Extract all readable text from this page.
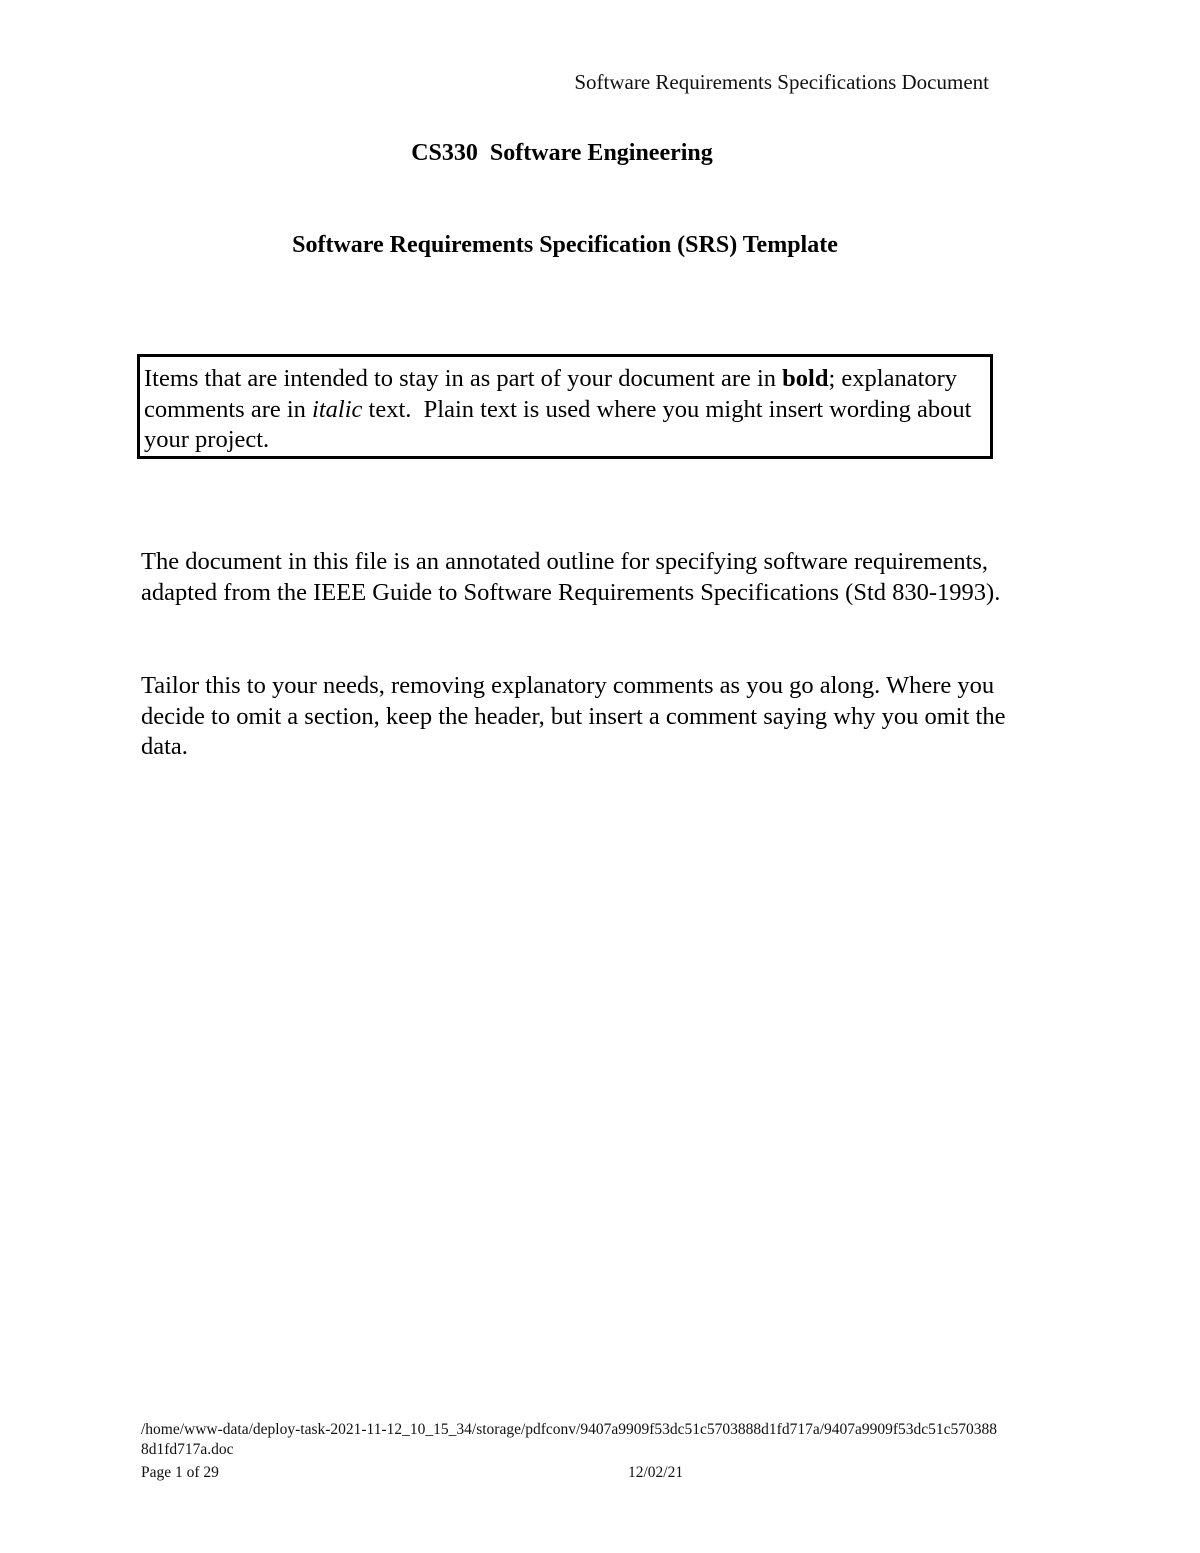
Software Requirements Specifications Document
CS330  Software Engineering
Software Requirements Specification (SRS) Template
Items that are intended to stay in as part of your document are in bold; explanatory comments are in italic text.  Plain text is used where you might insert wording about your project.

The document in this file is an annotated outline for specifying software requirements, adapted from the IEEE Guide to Software Requirements Specifications (Std 830-1993).

Tailor this to your needs, removing explanatory comments as you go along. Where you decide to omit a section, keep the header, but insert a comment saying why you omit the data.

/home/www-data/deploy-task-2021-11-12_10_15_34/storage/pdfconv/9407a9909f53dc51c5703888d1fd717a/9407a9909f53dc51c5703888d1fd717a.doc
Page 1 of 29	12/02/21
